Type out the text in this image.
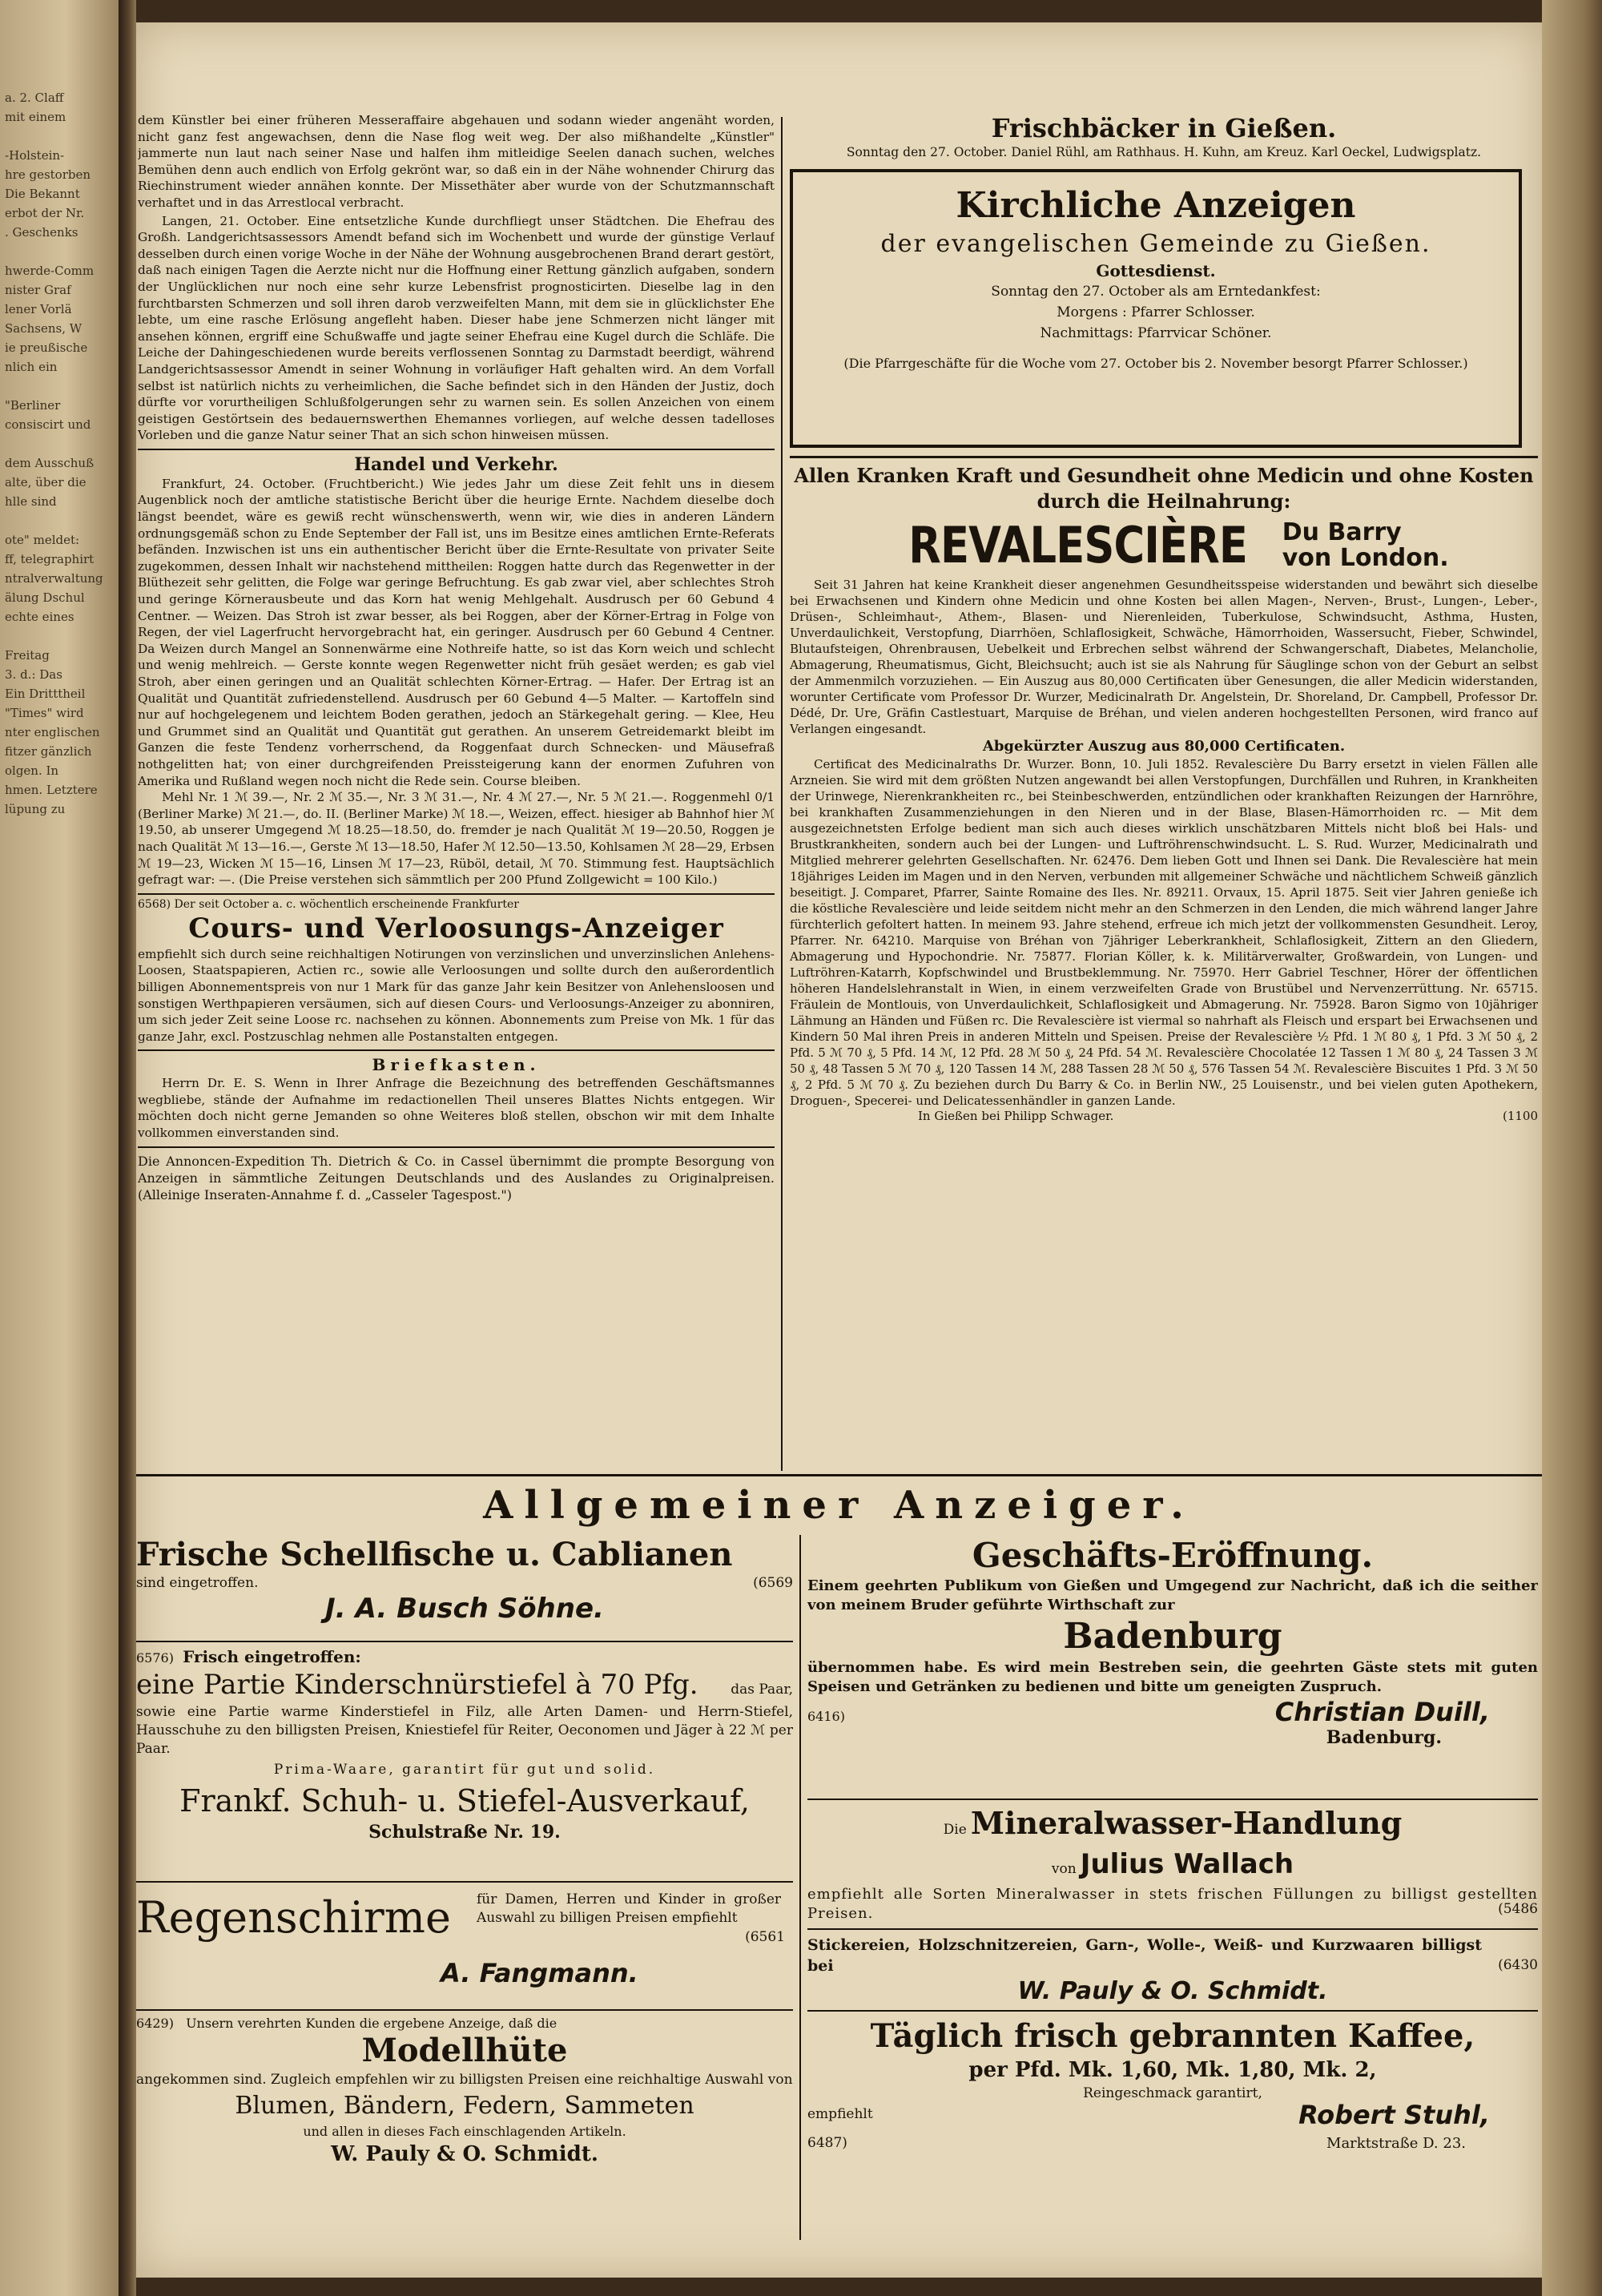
a. 2. Claff
mit einem

-Holstein-
hre gestorben
Die Bekannt
erbot der Nr.
. Geschenks

hwerde-Comm
nister Graf
lener Vorlä
Sachsens, W
ie preußische
nlich ein

"Berliner
consiscirt und

dem Ausschuß
alte, über die
hlle sind

ote" meldet:
ff, telegraphirt
ntralverwaltung
älung Dschul
echte eines

Freitag
3. d.: Das
Ein Dritttheil
"Times" wird
nter englischen
fitzer gänzlich
olgen. In
hmen. Letztere
lüpung zu

dem Künstler bei einer früheren Messeraffaire abgehauen und sodann wieder angenäht worden, nicht ganz fest angewachsen, denn die Nase flog weit weg. Der also mißhandelte „Künstler" jammerte nun laut nach seiner Nase und halfen ihm mitleidige Seelen danach suchen, welches Bemühen denn auch endlich von Erfolg gekrönt war, so daß ein in der Nähe wohnender Chirurg das Riechinstrument wieder annähen konnte. Der Missethäter aber wurde von der Schutzmannschaft verhaftet und in das Arrestlocal verbracht.

Langen, 21. October. Eine entsetzliche Kunde durchfliegt unser Städtchen. Die Ehefrau des Großh. Landgerichtsassessors Amendt befand sich im Wochenbett und wurde der günstige Verlauf desselben durch einen vorige Woche in der Nähe der Wohnung ausgebrochenen Brand derart gestört, daß nach einigen Tagen die Aerzte nicht nur die Hoffnung einer Rettung gänzlich aufgaben, sondern der Unglücklichen nur noch eine sehr kurze Lebensfrist prognosticirten. Dieselbe lag in den furchtbarsten Schmerzen und soll ihren darob verzweifelten Mann, mit dem sie in glücklichster Ehe lebte, um eine rasche Erlösung angefleht haben. Dieser habe jene Schmerzen nicht länger mit ansehen können, ergriff eine Schußwaffe und jagte seiner Ehefrau eine Kugel durch die Schläfe. Die Leiche der Dahingeschiedenen wurde bereits verflossenen Sonntag zu Darmstadt beerdigt, während Landgerichtsassessor Amendt in seiner Wohnung in vorläufiger Haft gehalten wird. An dem Vorfall selbst ist natürlich nichts zu verheimlichen, die Sache befindet sich in den Händen der Justiz, doch dürfte vor vorurtheiligen Schlußfolgerungen sehr zu warnen sein. Es sollen Anzeichen von einem geistigen Gestörtsein des bedauernswerthen Ehemannes vorliegen, auf welche dessen tadelloses Vorleben und die ganze Natur seiner That an sich schon hinweisen müssen.

Handel und Verkehr.

Frankfurt, 24. October. (Fruchtbericht.) Wie jedes Jahr um diese Zeit fehlt uns in diesem Augenblick noch der amtliche statistische Bericht über die heurige Ernte. Nachdem dieselbe doch längst beendet, wäre es gewiß recht wünschenswerth, wenn wir, wie dies in anderen Ländern ordnungsgemäß schon zu Ende September der Fall ist, uns im Besitze eines amtlichen Ernte-Referats befänden. Inzwischen ist uns ein authentischer Bericht über die Ernte-Resultate von privater Seite zugekommen, dessen Inhalt wir nachstehend mittheilen: Roggen hatte durch das Regenwetter in der Blüthezeit sehr gelitten, die Folge war geringe Befruchtung. Es gab zwar viel, aber schlechtes Stroh und geringe Körnerausbeute und das Korn hat wenig Mehlgehalt. Ausdrusch per 60 Gebund 4 Centner. — Weizen. Das Stroh ist zwar besser, als bei Roggen, aber der Körner-Ertrag in Folge von Regen, der viel Lagerfrucht hervorgebracht hat, ein geringer. Ausdrusch per 60 Gebund 4 Centner. Da Weizen durch Mangel an Sonnenwärme eine Nothreife hatte, so ist das Korn weich und schlecht und wenig mehlreich. — Gerste konnte wegen Regenwetter nicht früh gesäet werden; es gab viel Stroh, aber einen geringen und an Qualität schlechten Körner-Ertrag. — Hafer. Der Ertrag ist an Qualität und Quantität zufriedenstellend. Ausdrusch per 60 Gebund 4—5 Malter. — Kartoffeln sind nur auf hochgelegenem und leichtem Boden gerathen, jedoch an Stärkegehalt gering. — Klee, Heu und Grummet sind an Qualität und Quantität gut gerathen. An unserem Getreidemarkt bleibt im Ganzen die feste Tendenz vorherrschend, da Roggenfaat durch Schnecken- und Mäusefraß nothgelitten hat; von einer durchgreifenden Preissteigerung kann der enormen Zufuhren von Amerika und Rußland wegen noch nicht die Rede sein. Course bleiben.

Mehl Nr. 1 ℳ 39.—, Nr. 2 ℳ 35.—, Nr. 3 ℳ 31.—, Nr. 4 ℳ 27.—, Nr. 5 ℳ 21.—. Roggenmehl 0/1 (Berliner Marke) ℳ 21.—, do. II. (Berliner Marke) ℳ 18.—, Weizen, effect. hiesiger ab Bahnhof hier ℳ 19.50, ab unserer Umgegend ℳ 18.25—18.50, do. fremder je nach Qualität ℳ 19—20.50, Roggen je nach Qualität ℳ 13—16.—, Gerste ℳ 13—18.50, Hafer ℳ 12.50—13.50, Kohlsamen ℳ 28—29, Erbsen ℳ 19—23, Wicken ℳ 15—16, Linsen ℳ 17—23, Rüböl, detail, ℳ 70. Stimmung fest. Hauptsächlich gefragt war: —. (Die Preise verstehen sich sämmtlich per 200 Pfund Zollgewicht = 100 Kilo.)

6568) Der seit October a. c. wöchentlich erscheinende Frankfurter
Cours- und Verloosungs-Anzeiger

empfiehlt sich durch seine reichhaltigen Notirungen von verzinslichen und unverzinslichen Anlehens-Loosen, Staatspapieren, Actien rc., sowie alle Verloosungen und sollte durch den außerordentlich billigen Abonnementspreis von nur 1 Mark für das ganze Jahr kein Besitzer von Anlehensloosen und sonstigen Werthpapieren versäumen, sich auf diesen Cours- und Verloosungs-Anzeiger zu abonniren, um sich jeder Zeit seine Loose rc. nachsehen zu können. Abonnements zum Preise von Mk. 1 für das ganze Jahr, excl. Postzuschlag nehmen alle Postanstalten entgegen.

Briefkasten.

Herrn Dr. E. S. Wenn in Ihrer Anfrage die Bezeichnung des betreffenden Geschäftsmannes wegbliebe, stände der Aufnahme im redactionellen Theil unseres Blattes Nichts entgegen. Wir möchten doch nicht gerne Jemanden so ohne Weiteres bloß stellen, obschon wir mit dem Inhalte vollkommen einverstanden sind.

Die Annoncen-Expedition Th. Dietrich & Co. in Cassel übernimmt die prompte Besorgung von Anzeigen in sämmtliche Zeitungen Deutschlands und des Auslandes zu Originalpreisen. (Alleinige Inseraten-Annahme f. d. „Casseler Tagespost.")

Frischbäcker in Gießen.

Sonntag den 27. October. Daniel Rühl, am Rathhaus. H. Kuhn, am Kreuz. Karl Oeckel, Ludwigsplatz.

Kirchliche Anzeigen
der evangelischen Gemeinde zu Gießen.
Gottesdienst.
Sonntag den 27. October als am Erntedankfest:
Morgens : Pfarrer Schlosser.
Nachmittags: Pfarrvicar Schöner.
(Die Pfarrgeschäfte für die Woche vom 27. October bis 2. November besorgt Pfarrer Schlosser.)
Allen Kranken Kraft und Gesundheit ohne Medicin und ohne Kosten durch die Heilnahrung:
REVALESCIÈRE Du Barry
von London.

Seit 31 Jahren hat keine Krankheit dieser angenehmen Gesundheitsspeise widerstanden und bewährt sich dieselbe bei Erwachsenen und Kindern ohne Medicin und ohne Kosten bei allen Magen-, Nerven-, Brust-, Lungen-, Leber-, Drüsen-, Schleimhaut-, Athem-, Blasen- und Nierenleiden, Tuberkulose, Schwindsucht, Asthma, Husten, Unverdaulichkeit, Verstopfung, Diarrhöen, Schlaflosigkeit, Schwäche, Hämorrhoiden, Wassersucht, Fieber, Schwindel, Blutaufsteigen, Ohrenbrausen, Uebelkeit und Erbrechen selbst während der Schwangerschaft, Diabetes, Melancholie, Abmagerung, Rheumatismus, Gicht, Bleichsucht; auch ist sie als Nahrung für Säuglinge schon von der Geburt an selbst der Ammenmilch vorzuziehen. — Ein Auszug aus 80,000 Certificaten über Genesungen, die aller Medicin widerstanden, worunter Certificate vom Professor Dr. Wurzer, Medicinalrath Dr. Angelstein, Dr. Shoreland, Dr. Campbell, Professor Dr. Dédé, Dr. Ure, Gräfin Castlestuart, Marquise de Bréhan, und vielen anderen hochgestellten Personen, wird franco auf Verlangen eingesandt.

Abgekürzter Auszug aus 80,000 Certificaten.

Certificat des Medicinalraths Dr. Wurzer. Bonn, 10. Juli 1852. Revalescière Du Barry ersetzt in vielen Fällen alle Arzneien. Sie wird mit dem größten Nutzen angewandt bei allen Verstopfungen, Durchfällen und Ruhren, in Krankheiten der Urinwege, Nierenkrankheiten rc., bei Steinbeschwerden, entzündlichen oder krankhaften Reizungen der Harnröhre, bei krankhaften Zusammenziehungen in den Nieren und in der Blase, Blasen-Hämorrhoiden rc. — Mit dem ausgezeichnetsten Erfolge bedient man sich auch dieses wirklich unschätzbaren Mittels nicht bloß bei Hals- und Brustkrankheiten, sondern auch bei der Lungen- und Luftröhrenschwindsucht. L. S. Rud. Wurzer, Medicinalrath und Mitglied mehrerer gelehrten Gesellschaften. Nr. 62476. Dem lieben Gott und Ihnen sei Dank. Die Revalescière hat mein 18jähriges Leiden im Magen und in den Nerven, verbunden mit allgemeiner Schwäche und nächtlichem Schweiß gänzlich beseitigt. J. Comparet, Pfarrer, Sainte Romaine des Iles. Nr. 89211. Orvaux, 15. April 1875. Seit vier Jahren genieße ich die köstliche Revalescière und leide seitdem nicht mehr an den Schmerzen in den Lenden, die mich während langer Jahre fürchterlich gefoltert hatten. In meinem 93. Jahre stehend, erfreue ich mich jetzt der vollkommensten Gesundheit. Leroy, Pfarrer. Nr. 64210. Marquise von Bréhan von 7jähriger Leberkrankheit, Schlaflosigkeit, Zittern an den Gliedern, Abmagerung und Hypochondrie. Nr. 75877. Florian Köller, k. k. Militärverwalter, Großwardein, von Lungen- und Luftröhren-Katarrh, Kopfschwindel und Brustbeklemmung. Nr. 75970. Herr Gabriel Teschner, Hörer der öffentlichen höheren Handelslehranstalt in Wien, in einem verzweifelten Grade von Brustübel und Nervenzerrüttung. Nr. 65715. Fräulein de Montlouis, von Unverdaulichkeit, Schlaflosigkeit und Abmagerung. Nr. 75928. Baron Sigmo von 10jähriger Lähmung an Händen und Füßen rc. Die Revalescière ist viermal so nahrhaft als Fleisch und erspart bei Erwachsenen und Kindern 50 Mal ihren Preis in anderen Mitteln und Speisen. Preise der Revalescière ½ Pfd. 1 ℳ 80 ₰, 1 Pfd. 3 ℳ 50 ₰, 2 Pfd. 5 ℳ 70 ₰, 5 Pfd. 14 ℳ, 12 Pfd. 28 ℳ 50 ₰, 24 Pfd. 54 ℳ. Revalescière Chocolatée 12 Tassen 1 ℳ 80 ₰, 24 Tassen 3 ℳ 50 ₰, 48 Tassen 5 ℳ 70 ₰, 120 Tassen 14 ℳ, 288 Tassen 28 ℳ 50 ₰, 576 Tassen 54 ℳ. Revalescière Biscuites 1 Pfd. 3 ℳ 50 ₰, 2 Pfd. 5 ℳ 70 ₰. Zu beziehen durch Du Barry & Co. in Berlin NW., 25 Louisenstr., und bei vielen guten Apothekern, Droguen-, Specerei- und Delicatessenhändler in ganzen Lande.

In Gießen bei Philipp Schwager.	(1100
Allgemeiner Anzeiger.
Frische Schellfische u. Cablianen
sind eingetroffen.	(6569
J. A. Busch Söhne.
6576) Frisch eingetroffen:
eine Partie Kinderschnürstiefel à 70 Pfg. das Paar,

sowie eine Partie warme Kinderstiefel in Filz, alle Arten Damen- und Herrn-Stiefel, Hausschuhe zu den billigsten Preisen, Kniestiefel für Reiter, Oeconomen und Jäger à 22 ℳ per Paar.

Prima-Waare, garantirt für gut und solid.
Frankf. Schuh- u. Stiefel-Ausverkauf,
Schulstraße Nr. 19.
Regenschirme für Damen, Herren und Kinder in großer Auswahl zu billigen Preisen empfiehlt
(6561
A. Fangmann.
6429) Unsern verehrten Kunden die ergebene Anzeige, daß die
Modellhüte

angekommen sind. Zugleich empfehlen wir zu billigsten Preisen eine reichhaltige Auswahl von

Blumen, Bändern, Federn, Sammeten
und allen in dieses Fach einschlagenden Artikeln.
W. Pauly & O. Schmidt.
Geschäfts-Eröffnung.

Einem geehrten Publikum von Gießen und Umgegend zur Nachricht, daß ich die seither von meinem Bruder geführte Wirthschaft zur

Badenburg

übernommen habe. Es wird mein Bestreben sein, die geehrten Gäste stets mit guten Speisen und Getränken zu bedienen und bitte um geneigten Zuspruch.

6416)	Christian Duill,
Badenburg.
Die Mineralwasser-Handlung
von Julius Wallach

empfiehlt alle Sorten Mineralwasser in stets frischen Füllungen zu billigst gestellten Preisen.	(5486

Stickereien, Holzschnitzereien, Garn-, Wolle-, Weiß- und Kurzwaaren billigst bei	(6430
W. Pauly & O. Schmidt.
Täglich frisch gebrannten Kaffee,
per Pfd. Mk. 1,60, Mk. 1,80, Mk. 2,
Reingeschmack garantirt,
empfiehlt	Robert Stuhl,
6487)	Marktstraße D. 23.
